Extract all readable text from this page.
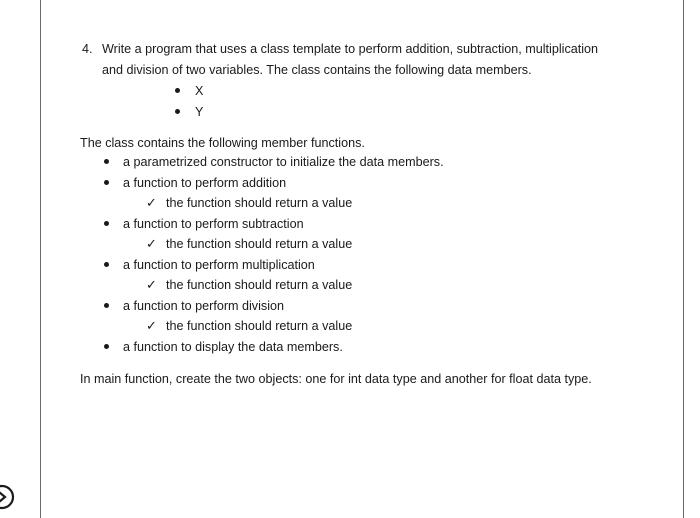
4. Write a program that uses a class template to perform addition, subtraction, multiplication
and division of two variables. The class contains the following data members.
X
Y
The class contains the following member functions.
a parametrized constructor to initialize the data members.
a function to perform addition
✓ the function should return a value
a function to perform subtraction
✓ the function should return a value
a function to perform multiplication
✓ the function should return a value
a function to perform division
✓ the function should return a value
a function to display the data members.
In main function, create the two objects: one for int data type and another for float data type.
